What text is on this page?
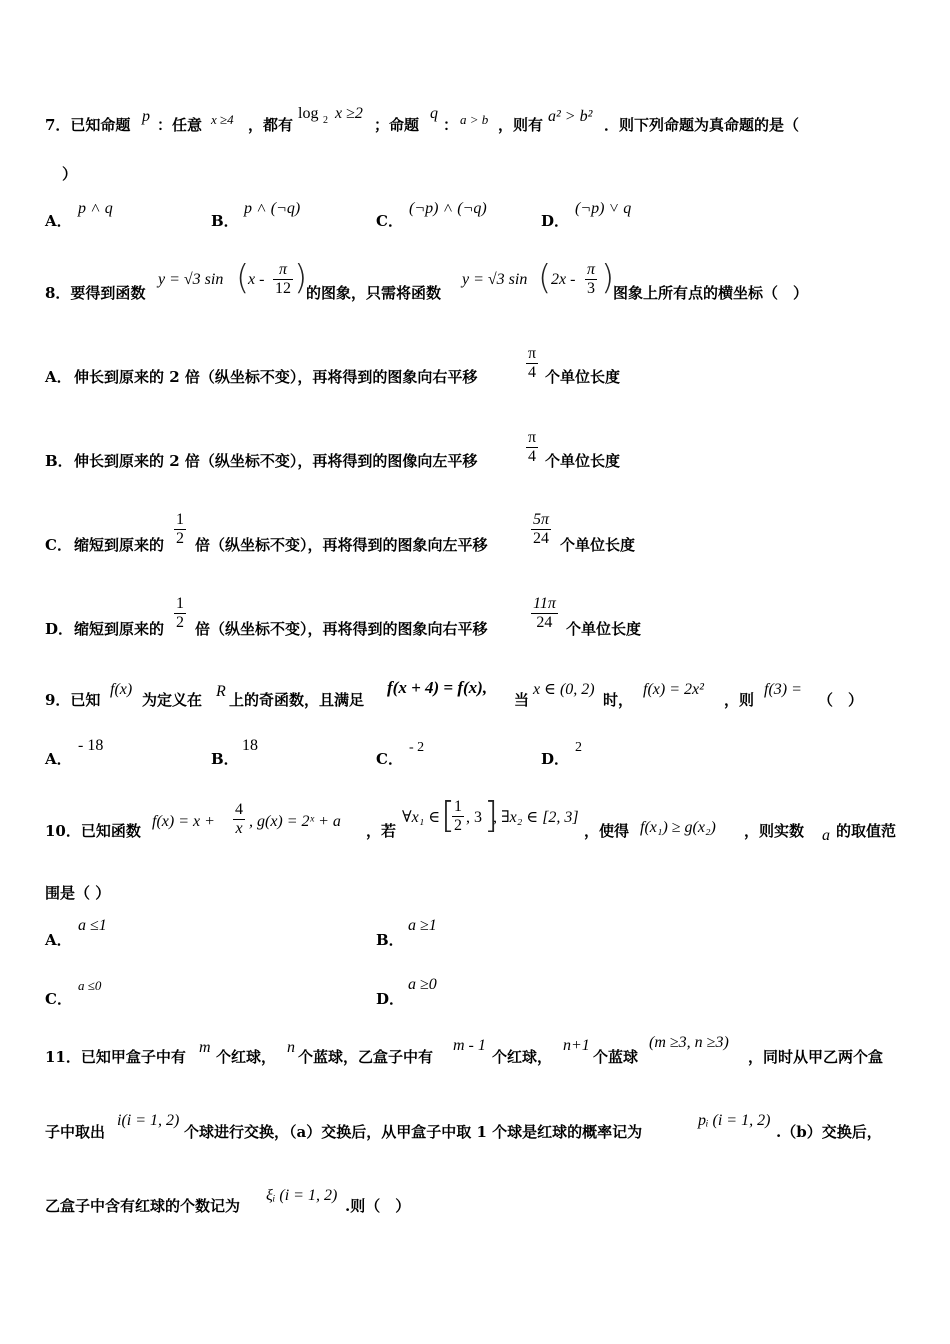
7．已知命题 p ：任意 x ≥4 ，都有
log 2 x ≥2
；命题
q
： a > b ，则有 a² > b² ．则下列命题为真命题的是（
）
A．
p ˄ q
B．
p ˄ (¬q)
C．
(¬p) ˄ (¬q)
D．
(¬p) ˅ q
8．要得到函数
y = √3 sin (
x - $\frac{\pi}{12}$ )
的图象，只需将函数
y = √3 sin ( $2x - \frac{\pi}{3}$ )
图象上所有点的横坐标（　）
A． 伸长到原来的 2 倍（纵坐标不变），再将得到的图象向右平移	$\frac{\pi}{4}$ 个单位长度
B． 伸长到原来的 2 倍（纵坐标不变），再将得到的图像向左平移	$\frac{\pi}{4}$ 个单位长度
C． 缩短到原来的 $\frac{1}{2}$ 倍（纵坐标不变），再将得到的图象向左平移	$\frac{5\pi}{24}$ 个单位长度
D． 缩短到原来的 $\frac{1}{2}$ 倍（纵坐标不变），再将得到的图象向右平移	$\frac{11\pi}{24}$ 个单位长度
9．已知
f(x)
为定义在 R 上的奇函数，且满足
f(x + 4) = f(x),
当
x ∈ (0, 2)
时，
f(x) = 2x²
，则
f(3) =
（　）
A．
- 18
B．
18
C．
- 2
D．
2
10．已知函数
$f(x) = x + \frac{4}{x}$ , g(x) = 2ˣ + a
，若
∀x₁ ∈ [
$\frac{1}{2}$ , 3 ]
, ∃x₂ ∈ [2, 3]
，使得 f(x₁) ≥ g(x₂) ，则实数 a 的取值范
围是（ ）
A．
a ≤1
B．
a ≥1
C．
a ≤0
D．
a ≥0
11．已知甲盒子中有
m
个红球，
n
个蓝球，乙盒子中有
m - 1
个红球，
n+1
个蓝球
(m ≥3, n ≥3)
，同时从甲乙两个盒
子中取出
i(i = 1, 2)
个球进行交换，（a）交换后，从甲盒子中取 1 个球是红球的概率记为
pᵢ (i = 1, 2)
.（b）交换后，
乙盒子中含有红球的个数记为
ξᵢ (i = 1, 2)
.则（　）
